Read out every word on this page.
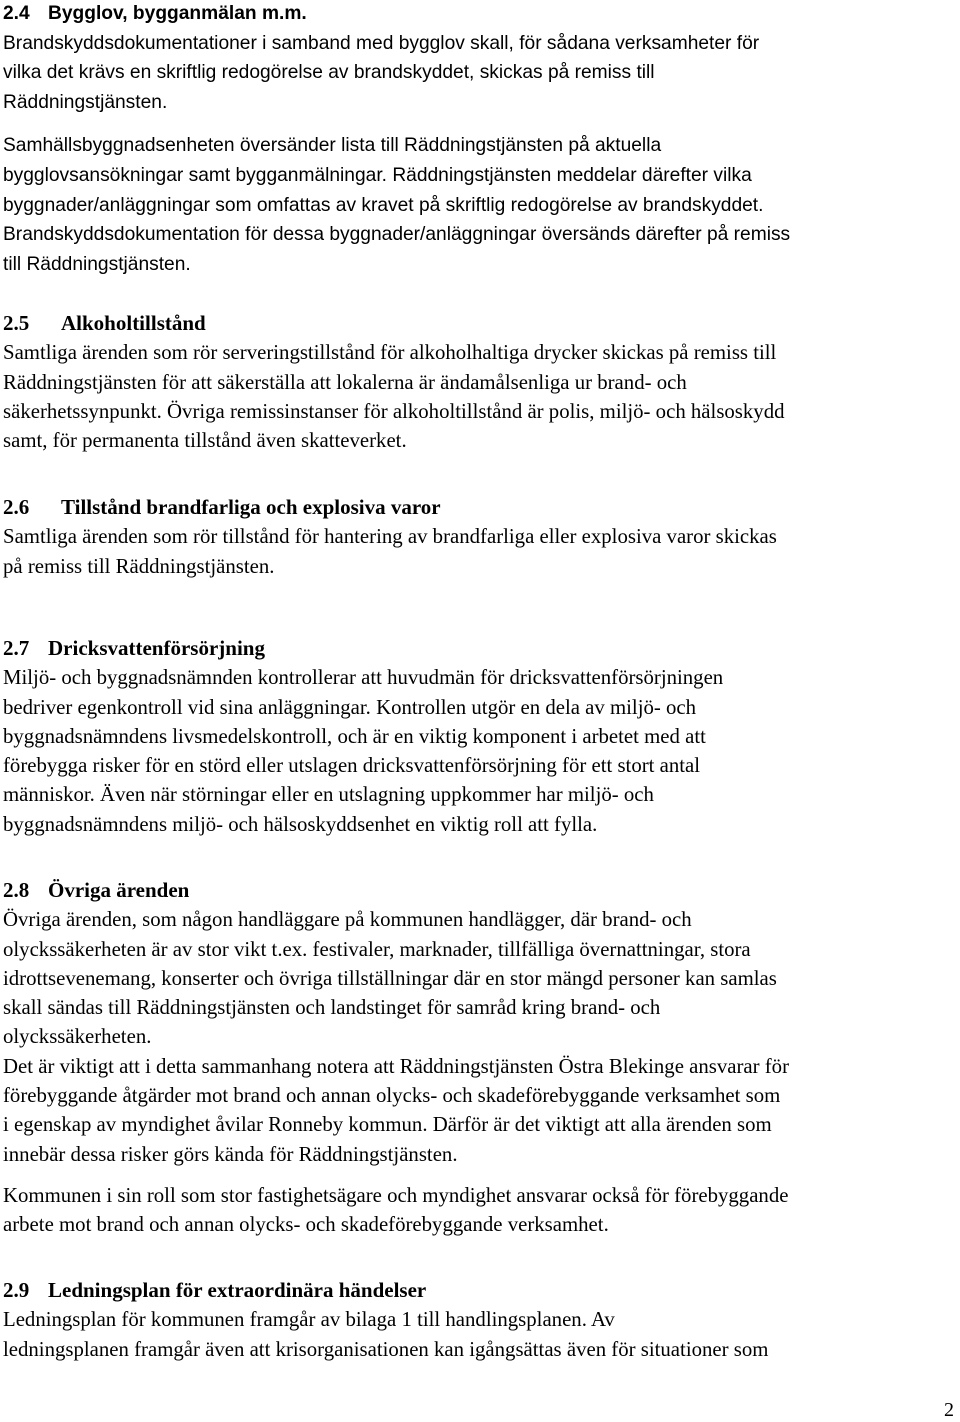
2.4 Bygglov, bygganmälan m.m.

Brandskyddsdokumentationer i samband med bygglov skall, för sådana verksamheter för

vilka det krävs en skriftlig redogörelse av brandskyddet, skickas på remiss till

Räddningstjänsten.

Samhällsbyggnadsenheten översänder lista till Räddningstjänsten på aktuella

bygglovsansökningar samt bygganmälningar. Räddningstjänsten meddelar därefter vilka

byggnader/anläggningar som omfattas av kravet på skriftlig redogörelse av brandskyddet.

Brandskyddsdokumentation för dessa byggnader/anläggningar översänds därefter på remiss

till Räddningstjänsten.

2.5 Alkoholtillstånd

Samtliga ärenden som rör serveringstillstånd för alkoholhaltiga drycker skickas på remiss till

Räddningstjänsten för att säkerställa att lokalerna är ändamålsenliga ur brand- och

säkerhetssynpunkt. Övriga remissinstanser för alkoholtillstånd är polis, miljö- och hälsoskydd

samt, för permanenta tillstånd även skatteverket.

2.6 Tillstånd brandfarliga och explosiva varor

Samtliga ärenden som rör tillstånd för hantering av brandfarliga eller explosiva varor skickas

på remiss till Räddningstjänsten.

2.7 Dricksvattenförsörjning

Miljö- och byggnadsnämnden kontrollerar att huvudmän för dricksvattenförsörjningen

bedriver egenkontroll vid sina anläggningar. Kontrollen utgör en dela av miljö- och

byggnadsnämndens livsmedelskontroll, och är en viktig komponent i arbetet med att

förebygga risker för en störd eller utslagen dricksvattenförsörjning för ett stort antal

människor. Även när störningar eller en utslagning uppkommer har miljö- och

byggnadsnämndens miljö- och hälsoskyddsenhet en viktig roll att fylla.

2.8 Övriga ärenden

Övriga ärenden, som någon handläggare på kommunen handlägger, där brand- och

olyckssäkerheten är av stor vikt t.ex. festivaler, marknader, tillfälliga övernattningar, stora

idrottsevenemang, konserter och övriga tillställningar där en stor mängd personer kan samlas

skall sändas till Räddningstjänsten och landstinget för samråd kring brand- och

olyckssäkerheten.

Det är viktigt att i detta sammanhang notera att Räddningstjänsten Östra Blekinge ansvarar för

förebyggande åtgärder mot brand och annan olycks- och skadeförebyggande verksamhet som

i egenskap av myndighet åvilar Ronneby kommun. Därför är det viktigt att alla ärenden som

innebär dessa risker görs kända för Räddningstjänsten.

Kommunen i sin roll som stor fastighetsägare och myndighet ansvarar också för förebyggande

arbete mot brand och annan olycks- och skadeförebyggande verksamhet.

2.9 Ledningsplan för extraordinära händelser

Ledningsplan för kommunen framgår av bilaga 1 till handlingsplanen. Av

ledningsplanen framgår även att krisorganisationen kan igångsättas även för situationer som

2
